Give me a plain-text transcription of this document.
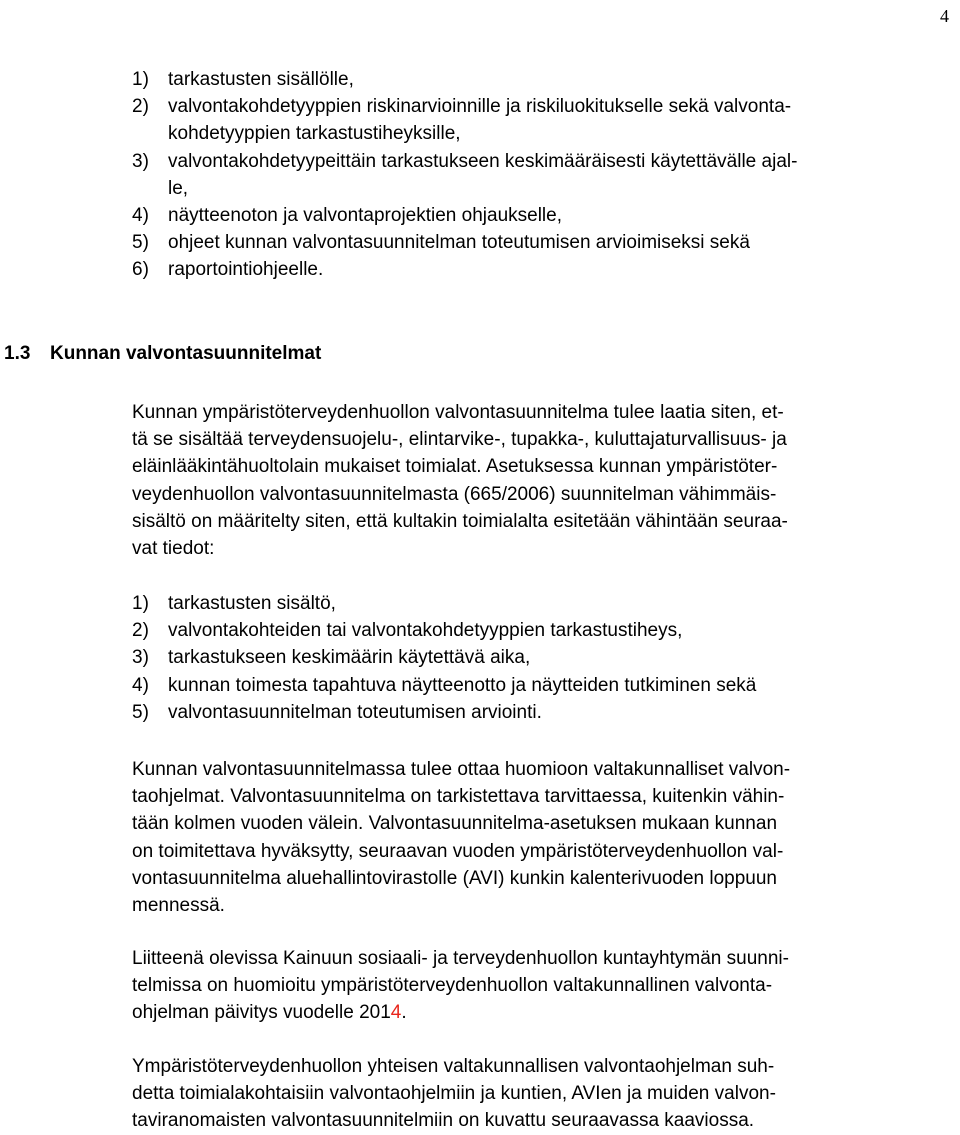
4
1) tarkastusten sisällölle,
2) valvontakohdetyyppien riskinarvioinnille ja riskiluokitukselle sekä valvonta-
kohdetyyppien tarkastustiheyksille,
3) valvontakohdetyypeittäin tarkastukseen keskimääräisesti käytettävälle ajal-
le,
4) näytteenoton ja valvontaprojektien ohjaukselle,
5) ohjeet kunnan valvontasuunnitelman toteutumisen arvioimiseksi sekä
6) raportointiohjeelle.
1.3 Kunnan valvontasuunnitelmat
Kunnan ympäristöterveydenhuollon valvontasuunnitelma tulee laatia siten, et-
tä se sisältää terveydensuojelu-, elintarvike-, tupakka-, kuluttajaturvallisuus- ja
eläinlääkintähuoltolain mukaiset toimialat. Asetuksessa kunnan ympäristöter-
veydenhuollon valvontasuunnitelmasta (665/2006) suunnitelman vähimmäis-
sisältö on määritelty siten, että kultakin toimialalta esitetään vähintään seuraa-
vat tiedot:
1) tarkastusten sisältö,
2) valvontakohteiden tai valvontakohdetyyppien tarkastustiheys,
3) tarkastukseen keskimäärin käytettävä aika,
4) kunnan toimesta tapahtuva näytteenotto ja näytteiden tutkiminen sekä
5) valvontasuunnitelman toteutumisen arviointi.
Kunnan valvontasuunnitelmassa tulee ottaa huomioon valtakunnalliset valvon-
taohjelmat. Valvontasuunnitelma on tarkistettava tarvittaessa, kuitenkin vähin-
tään kolmen vuoden välein. Valvontasuunnitelma-asetuksen mukaan kunnan
on toimitettava hyväksytty, seuraavan vuoden ympäristöterveydenhuollon val-
vontasuunnitelma aluehallintovirastolle (AVI) kunkin kalenterivuoden loppuun
mennessä.
Liitteenä olevissa Kainuun sosiaali- ja terveydenhuollon kuntayhtymän suunni-
telmissa on huomioitu ympäristöterveydenhuollon valtakunnallinen valvonta-
ohjelman päivitys vuodelle 2014.
Ympäristöterveydenhuollon yhteisen valtakunnallisen valvontaohjelman suh-
detta toimialakohtaisiin valvontaohjelmiin ja kuntien, AVIen ja muiden valvon-
taviranomaisten valvontasuunnitelmiin on kuvattu seuraavassa kaaviossa.
